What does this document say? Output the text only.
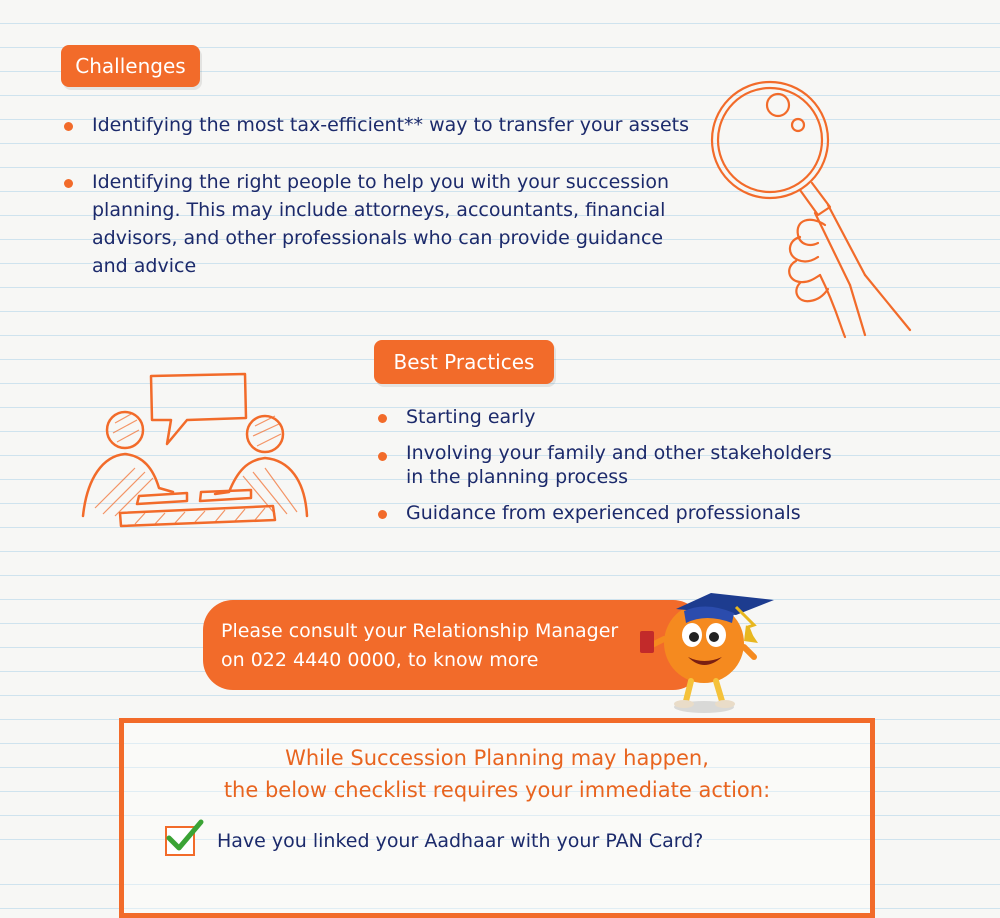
Challenges
Identifying the most tax-efficient** way to transfer your assets
Identifying the right people to help you with your succession planning. This may include attorneys, accountants, financial advisors, and other professionals who can provide guidance and advice
Best Practices
Starting early
Involving your family and other stakeholders in the planning process
Guidance from experienced professionals
Please consult your Relationship Manager
on 022 4440 0000, to know more
While Succession Planning may happen,
the below checklist requires your immediate action:
Have you linked your Aadhaar with your PAN Card?
